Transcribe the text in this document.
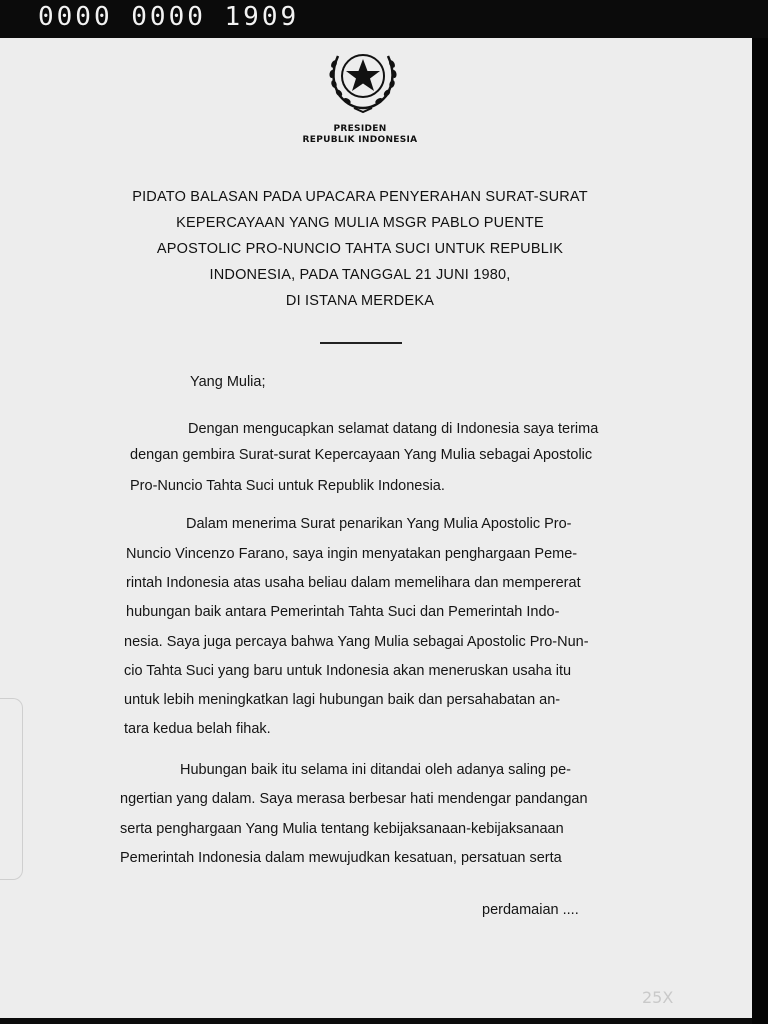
0000 0000 1909
PRESIDEN
REPUBLIK INDONESIA
PIDATO BALASAN PADA UPACARA PENYERAHAN SURAT-SURAT
KEPERCAYAAN YANG MULIA MSGR PABLO PUENTE
APOSTOLIC PRO-NUNCIO TAHTA SUCI UNTUK REPUBLIK
INDONESIA, PADA TANGGAL 21 JUNI 1980,
DI ISTANA MERDEKA
Yang Mulia;
Dengan mengucapkan selamat datang di Indonesia saya terima
dengan gembira Surat-surat Kepercayaan Yang Mulia sebagai Apostolic
Pro-Nuncio Tahta Suci untuk Republik Indonesia.
Dalam menerima Surat penarikan Yang Mulia Apostolic Pro-
Nuncio Vincenzo Farano, saya ingin menyatakan penghargaan Peme-
rintah Indonesia atas usaha beliau dalam memelihara dan mempererat
hubungan baik antara Pemerintah Tahta Suci dan Pemerintah Indo-
nesia. Saya juga percaya bahwa Yang Mulia sebagai Apostolic Pro-Nun-
cio Tahta Suci yang baru untuk Indonesia akan meneruskan usaha itu
untuk lebih meningkatkan lagi hubungan baik dan persahabatan an-
tara kedua belah fihak.
Hubungan baik itu selama ini ditandai oleh adanya saling pe-
ngertian yang dalam. Saya merasa berbesar hati mendengar pandangan
serta penghargaan Yang Mulia tentang kebijaksanaan-kebijaksanaan
Pemerintah Indonesia dalam mewujudkan kesatuan, persatuan serta
perdamaian ....
25X
